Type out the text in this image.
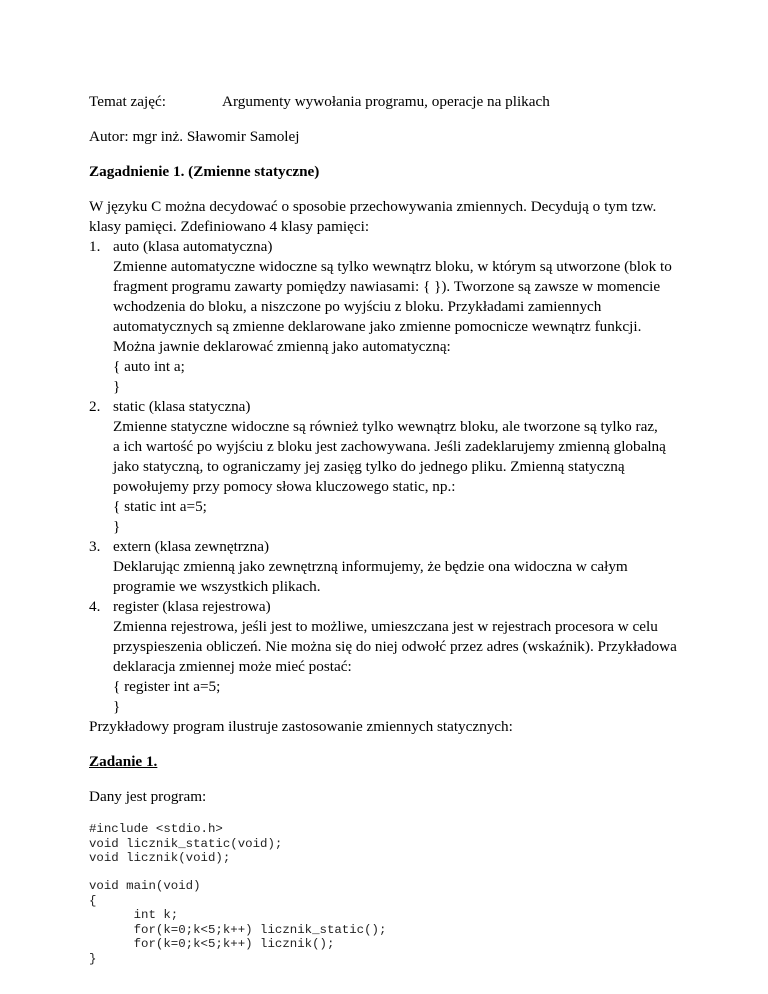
Temat zajęć:	Argumenty wywołania programu, operacje na plikach
Autor: mgr inż. Sławomir Samolej
Zagadnienie 1. (Zmienne statyczne)
W języku C można decydować o sposobie przechowywania zmiennych. Decydują o tym tzw.
klasy pamięci. Zdefiniowano 4 klasy pamięci:
1. auto (klasa automatyczna)
Zmienne automatyczne widoczne są tylko wewnątrz bloku, w którym są utworzone (blok to
fragment programu zawarty pomiędzy nawiasami: { }). Tworzone są zawsze w momencie
wchodzenia do bloku, a niszczone po wyjściu z bloku. Przykładami zamiennych
automatycznych są zmienne deklarowane jako zmienne pomocnicze wewnątrz funkcji.
Można jawnie deklarować zmienną jako automatyczną:
{ auto int a;
}
2. static (klasa statyczna)
Zmienne statyczne widoczne są również tylko wewnątrz bloku, ale tworzone są tylko raz,
a ich wartość po wyjściu z bloku jest zachowywana. Jeśli zadeklarujemy zmienną globalną
jako statyczną, to ograniczamy jej zasięg tylko do jednego pliku. Zmienną statyczną
powołujemy przy pomocy słowa kluczowego static, np.:
{ static int a=5;
}
3. extern (klasa zewnętrzna)
Deklarując zmienną jako zewnętrzną informujemy, że będzie ona widoczna w całym
programie we wszystkich plikach.
4. register (klasa rejestrowa)
Zmienna rejestrowa, jeśli jest to możliwe, umieszczana jest w rejestrach procesora w celu
przyspieszenia obliczeń. Nie można się do niej odwołć przez adres (wskaźnik). Przykładowa
deklaracja zmiennej może mieć postać:
{ register int a=5;
}
Przykładowy program ilustruje zastosowanie zmiennych statycznych:
Zadanie 1.
Dany jest program:
#include <stdio.h>
void licznik_static(void);
void licznik(void);
void main(void)
{
int k;
for(k=0;k<5;k++) licznik_static();
for(k=0;k<5;k++) licznik();
}
